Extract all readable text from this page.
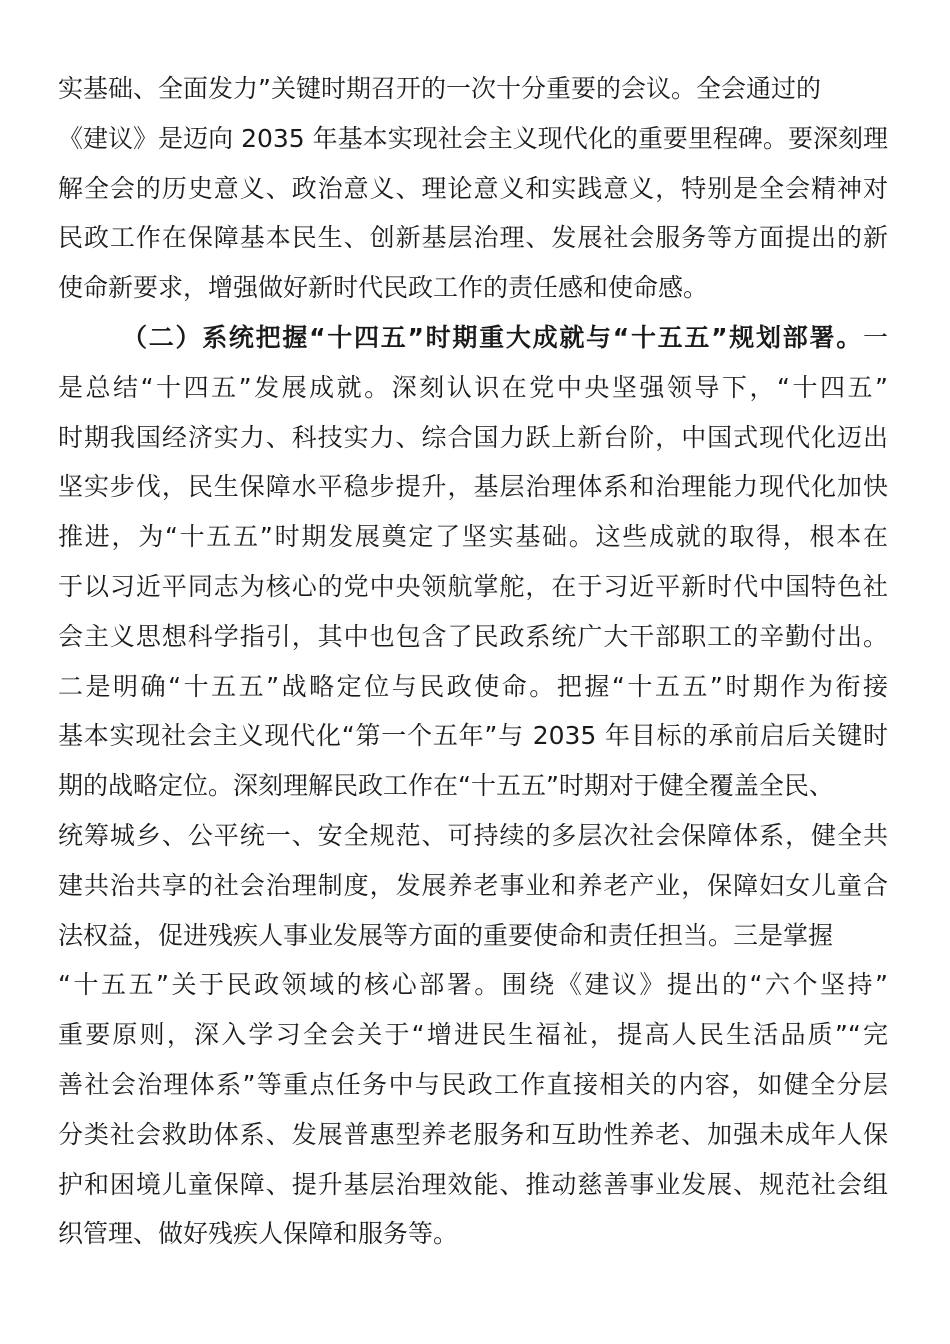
实基础、全面发力”关键时期召开的一次十分重要的会议。全会通过的
《建议》是迈向 2035 年基本实现社会主义现代化的重要里程碑。要深刻理
解全会的历史意义、政治意义、理论意义和实践意义，特别是全会精神对
民政工作在保障基本民生、创新基层治理、发展社会服务等方面提出的新
使命新要求，增强做好新时代民政工作的责任感和使命感。
（二）系统把握“十四五”时期重大成就与“十五五”规划部署。一
是总结“十四五”发展成就。深刻认识在党中央坚强领导下，“十四五”
时期我国经济实力、科技实力、综合国力跃上新台阶，中国式现代化迈出
坚实步伐，民生保障水平稳步提升，基层治理体系和治理能力现代化加快
推进，为“十五五”时期发展奠定了坚实基础。这些成就的取得，根本在
于以习近平同志为核心的党中央领航掌舵，在于习近平新时代中国特色社
会主义思想科学指引，其中也包含了民政系统广大干部职工的辛勤付出。
二是明确“十五五”战略定位与民政使命。把握“十五五”时期作为衔接
基本实现社会主义现代化“第一个五年”与 2035 年目标的承前启后关键时
期的战略定位。深刻理解民政工作在“十五五”时期对于健全覆盖全民、
统筹城乡、公平统一、安全规范、可持续的多层次社会保障体系，健全共
建共治共享的社会治理制度，发展养老事业和养老产业，保障妇女儿童合
法权益，促进残疾人事业发展等方面的重要使命和责任担当。三是掌握
“十五五”关于民政领域的核心部署。围绕《建议》提出的“六个坚持”
重要原则，深入学习全会关于“增进民生福祉，提高人民生活品质”“完
善社会治理体系”等重点任务中与民政工作直接相关的内容，如健全分层
分类社会救助体系、发展普惠型养老服务和互助性养老、加强未成年人保
护和困境儿童保障、提升基层治理效能、推动慈善事业发展、规范社会组
织管理、做好残疾人保障和服务等。
